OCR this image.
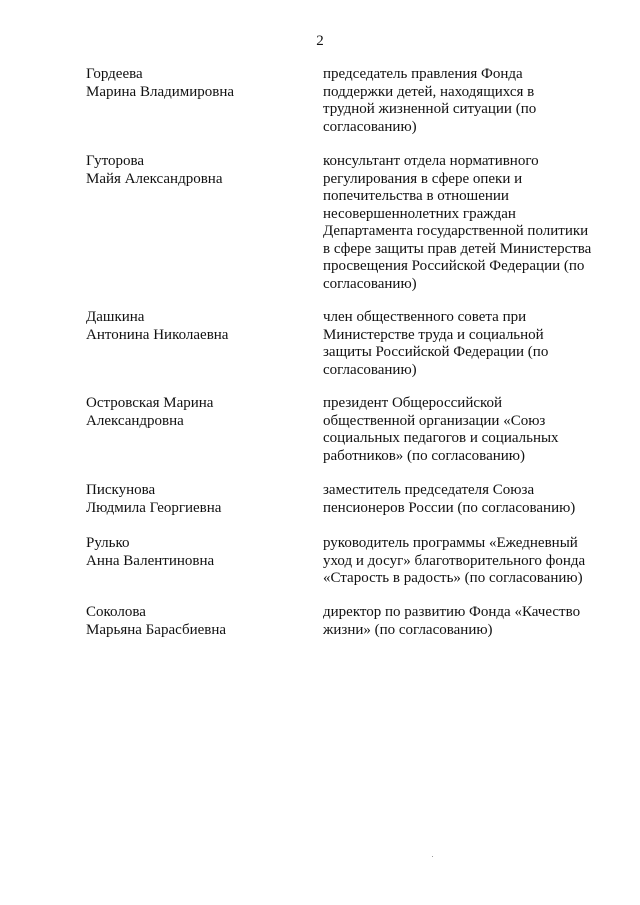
2
Гордеева
Марина Владимировна
председатель правления Фонда
поддержки детей, находящихся в
трудной жизненной ситуации (по
согласованию)
Гуторова
Майя Александровна
консультант отдела нормативного
регулирования в сфере опеки и
попечительства в отношении
несовершеннолетних граждан
Департамента государственной политики
в сфере защиты прав детей Министерства
просвещения Российской Федерации (по
согласованию)
Дашкина
Антонина Николаевна
член общественного совета при
Министерстве труда и социальной
защиты Российской Федерации (по
согласованию)
Островская Марина
Александровна
президент Общероссийской
общественной организации «Союз
социальных педагогов и социальных
работников» (по согласованию)
Пискунова
Людмила Георгиевна
заместитель председателя Союза
пенсионеров России (по согласованию)
Рулько
Анна Валентиновна
руководитель программы «Ежедневный
уход и досуг» благотворительного фонда
«Старость в радость» (по согласованию)
Соколова
Марьяна Барасбиевна
директор по развитию Фонда «Качество
жизни» (по согласованию)
